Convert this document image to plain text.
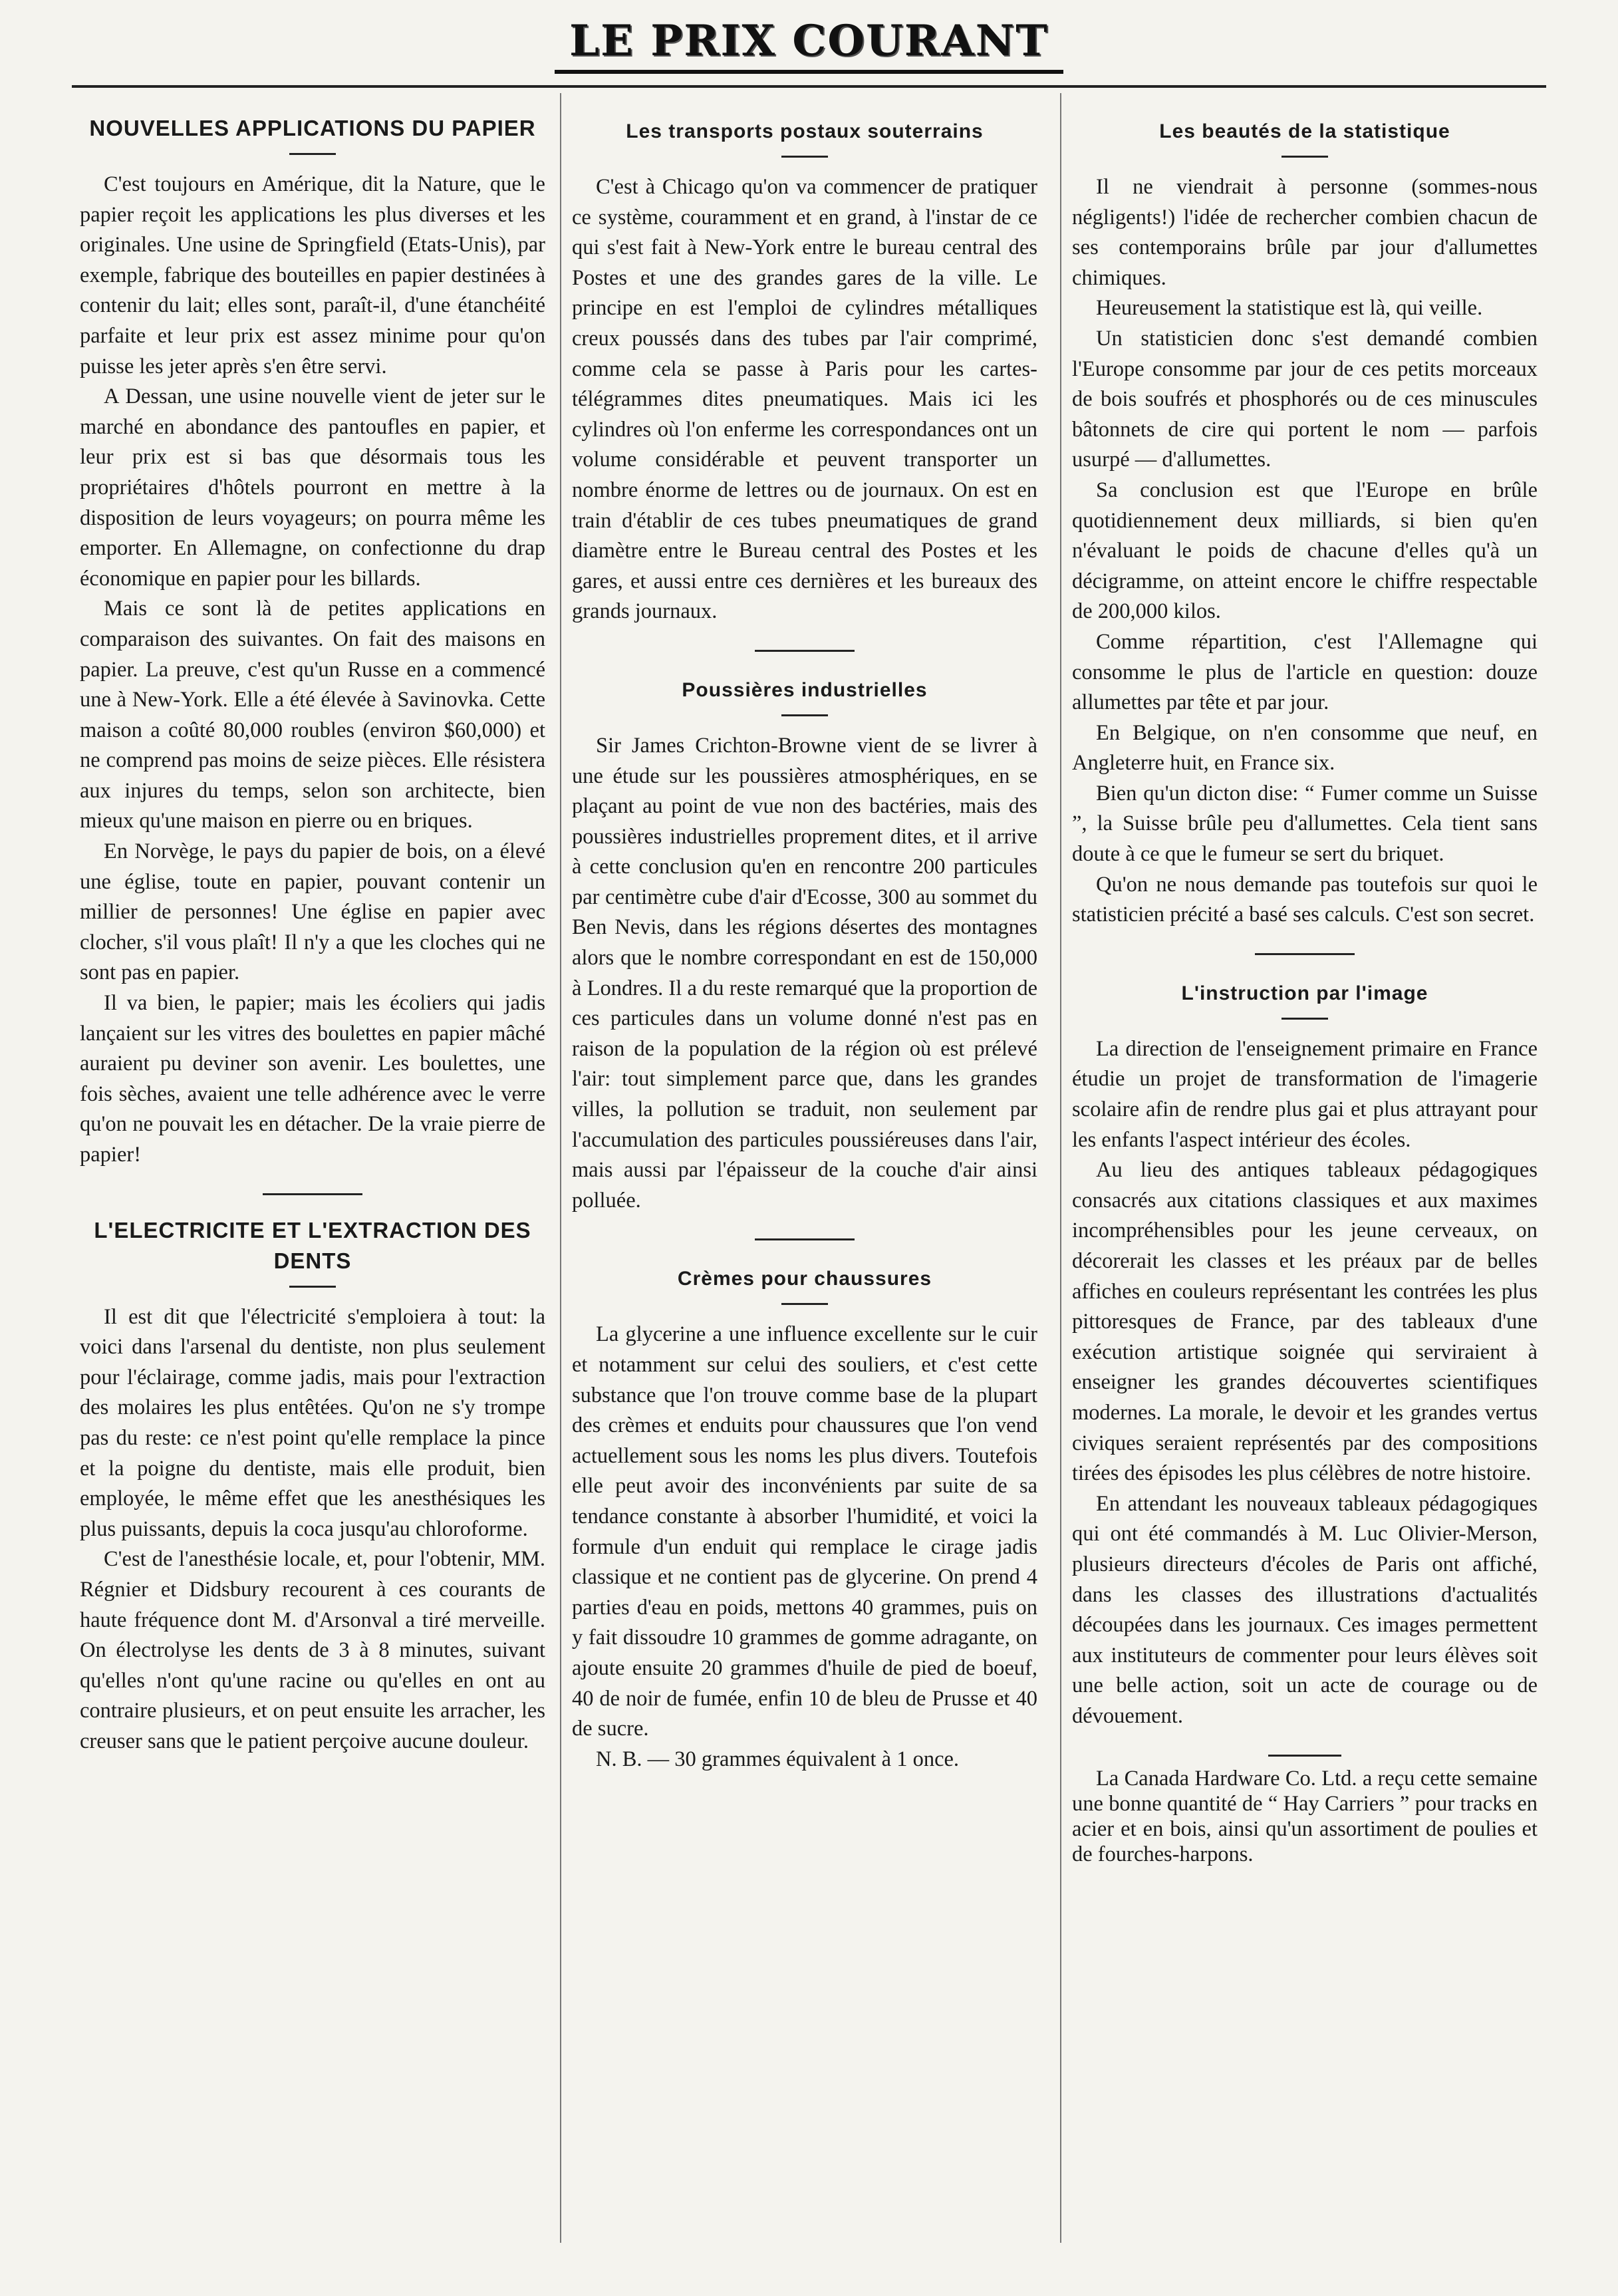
LE PRIX COURANT
NOUVELLES APPLICATIONS DU PAPIER

C'est toujours en Amérique, dit la Nature, que le papier reçoit les applications les plus diverses et les originales. Une usine de Springfield (Etats-Unis), par exemple, fabrique des bouteilles en papier destinées à contenir du lait; elles sont, paraît-il, d'une étanchéité parfaite et leur prix est assez minime pour qu'on puisse les jeter après s'en être servi.

A Dessan, une usine nouvelle vient de jeter sur le marché en abondance des pantoufles en papier, et leur prix est si bas que désormais tous les propriétaires d'hôtels pourront en mettre à la disposition de leurs voyageurs; on pourra même les emporter. En Allemagne, on confectionne du drap économique en papier pour les billards.

Mais ce sont là de petites applications en comparaison des suivantes. On fait des maisons en papier. La preuve, c'est qu'un Russe en a commencé une à New-York. Elle a été élevée à Savinovka. Cette maison a coûté 80,000 roubles (environ $60,000) et ne comprend pas moins de seize pièces. Elle résistera aux injures du temps, selon son architecte, bien mieux qu'une maison en pierre ou en briques.

En Norvège, le pays du papier de bois, on a élevé une église, toute en papier, pouvant contenir un millier de personnes! Une église en papier avec clocher, s'il vous plaît! Il n'y a que les cloches qui ne sont pas en papier.

Il va bien, le papier; mais les écoliers qui jadis lançaient sur les vitres des boulettes en papier mâché auraient pu deviner son avenir. Les boulettes, une fois sèches, avaient une telle adhérence avec le verre qu'on ne pouvait les en détacher. De la vraie pierre de papier!

L'ELECTRICITE ET L'EXTRACTION DES DENTS

Il est dit que l'électricité s'emploiera à tout: la voici dans l'arsenal du dentiste, non plus seulement pour l'éclairage, comme jadis, mais pour l'extraction des molaires les plus entêtées. Qu'on ne s'y trompe pas du reste: ce n'est point qu'elle remplace la pince et la poigne du dentiste, mais elle produit, bien employée, le même effet que les anesthésiques les plus puissants, depuis la coca jusqu'au chloroforme.

C'est de l'anesthésie locale, et, pour l'obtenir, MM. Régnier et Didsbury recourent à ces courants de haute fréquence dont M. d'Arsonval a tiré merveille. On électrolyse les dents de 3 à 8 minutes, suivant qu'elles n'ont qu'une racine ou qu'elles en ont au contraire plusieurs, et on peut ensuite les arracher, les creuser sans que le patient perçoive aucune douleur.

Les transports postaux souterrains

C'est à Chicago qu'on va commencer de pratiquer ce système, couramment et en grand, à l'instar de ce qui s'est fait à New-York entre le bureau central des Postes et une des grandes gares de la ville. Le principe en est l'emploi de cylindres métalliques creux poussés dans des tubes par l'air comprimé, comme cela se passe à Paris pour les cartes-télégrammes dites pneumatiques. Mais ici les cylindres où l'on enferme les correspondances ont un volume considérable et peuvent transporter un nombre énorme de lettres ou de journaux. On est en train d'établir de ces tubes pneumatiques de grand diamètre entre le Bureau central des Postes et les gares, et aussi entre ces dernières et les bureaux des grands journaux.

Poussières industrielles

Sir James Crichton-Browne vient de se livrer à une étude sur les poussières atmosphériques, en se plaçant au point de vue non des bactéries, mais des poussières industrielles proprement dites, et il arrive à cette conclusion qu'en en rencontre 200 particules par centimètre cube d'air d'Ecosse, 300 au sommet du Ben Nevis, dans les régions désertes des montagnes alors que le nombre correspondant en est de 150,000 à Londres. Il a du reste remarqué que la proportion de ces particules dans un volume donné n'est pas en raison de la population de la région où est prélevé l'air: tout simplement parce que, dans les grandes villes, la pollution se traduit, non seulement par l'accumulation des particules poussiéreuses dans l'air, mais aussi par l'épaisseur de la couche d'air ainsi polluée.

Crèmes pour chaussures

La glycerine a une influence excellente sur le cuir et notamment sur celui des souliers, et c'est cette substance que l'on trouve comme base de la plupart des crèmes et enduits pour chaussures que l'on vend actuellement sous les noms les plus divers. Toutefois elle peut avoir des inconvénients par suite de sa tendance constante à absorber l'humidité, et voici la formule d'un enduit qui remplace le cirage jadis classique et ne contient pas de glycerine. On prend 4 parties d'eau en poids, mettons 40 grammes, puis on y fait dissoudre 10 grammes de gomme adragante, on ajoute ensuite 20 grammes d'huile de pied de boeuf, 40 de noir de fumée, enfin 10 de bleu de Prusse et 40 de sucre.

N. B. — 30 grammes équivalent à 1 once.

Les beautés de la statistique

Il ne viendrait à personne (sommes-nous négligents!) l'idée de rechercher combien chacun de ses contemporains brûle par jour d'allumettes chimiques.

Heureusement la statistique est là, qui veille.

Un statisticien donc s'est demandé combien l'Europe consomme par jour de ces petits morceaux de bois soufrés et phosphorés ou de ces minuscules bâtonnets de cire qui portent le nom — parfois usurpé — d'allumettes.

Sa conclusion est que l'Europe en brûle quotidiennement deux milliards, si bien qu'en n'évaluant le poids de chacune d'elles qu'à un décigramme, on atteint encore le chiffre respectable de 200,000 kilos.

Comme répartition, c'est l'Allemagne qui consomme le plus de l'article en question: douze allumettes par tête et par jour.

En Belgique, on n'en consomme que neuf, en Angleterre huit, en France six.

Bien qu'un dicton dise: “ Fumer comme un Suisse ”, la Suisse brûle peu d'allumettes. Cela tient sans doute à ce que le fumeur se sert du briquet.

Qu'on ne nous demande pas toutefois sur quoi le statisticien précité a basé ses calculs. C'est son secret.

L'instruction par l'image

La direction de l'enseignement primaire en France étudie un projet de transformation de l'imagerie scolaire afin de rendre plus gai et plus attrayant pour les enfants l'aspect intérieur des écoles.

Au lieu des antiques tableaux pédagogiques consacrés aux citations classiques et aux maximes incompréhensibles pour les jeune cerveaux, on décorerait les classes et les préaux par de belles affiches en couleurs représentant les contrées les plus pittoresques de France, par des tableaux d'une exécution artistique soignée qui serviraient à enseigner les grandes découvertes scientifiques modernes. La morale, le devoir et les grandes vertus civiques seraient représentés par des compositions tirées des épisodes les plus célèbres de notre histoire.

En attendant les nouveaux tableaux pédagogiques qui ont été commandés à M. Luc Olivier-Merson, plusieurs directeurs d'écoles de Paris ont affiché, dans les classes des illustrations d'actualités découpées dans les journaux. Ces images permettent aux instituteurs de commenter pour leurs élèves soit une belle action, soit un acte de courage ou de dévouement.

La Canada Hardware Co. Ltd. a reçu cette semaine une bonne quantité de “ Hay Carriers ” pour tracks en acier et en bois, ainsi qu'un assortiment de poulies et de fourches-harpons.
